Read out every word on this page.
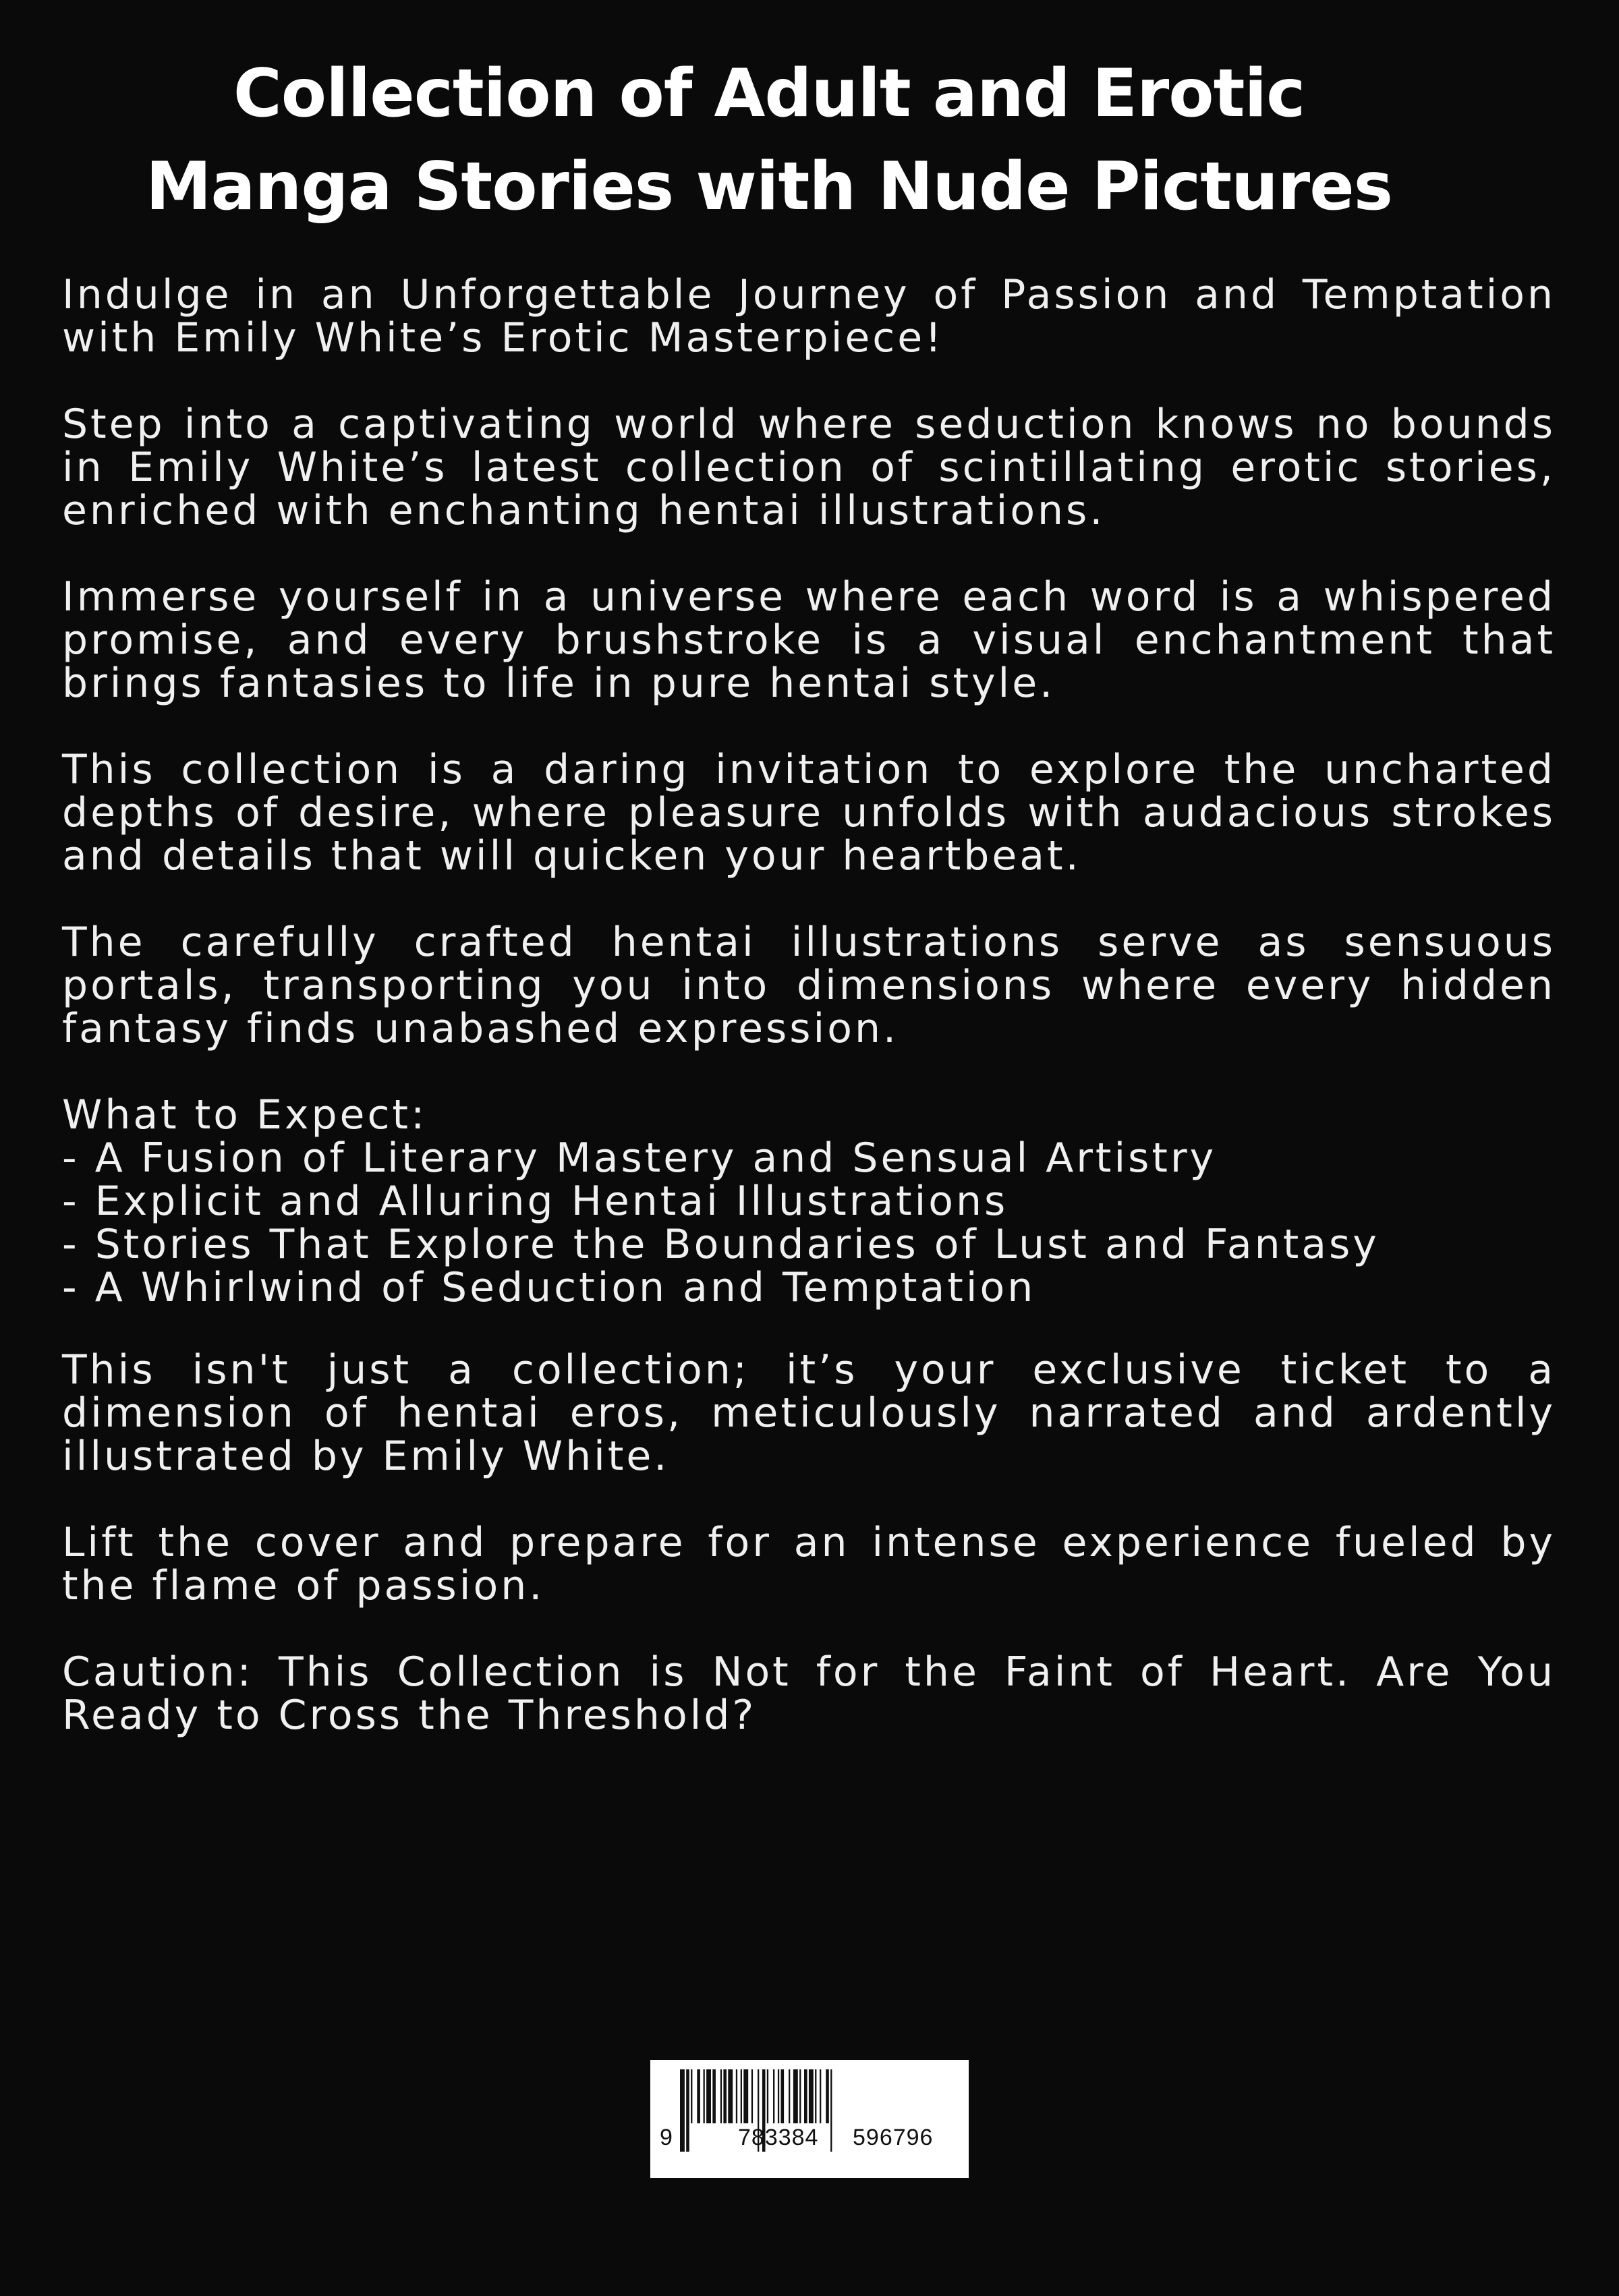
Collection of Adult and Erotic
Manga Stories with Nude Pictures

Indulge in an Unforgettable Journey of Passion and Temptation with Emily White’s Erotic Masterpiece!

Step into a captivating world where seduction knows no bounds in Emily White’s latest collection of scintillating erotic stories, enriched with enchanting hentai illustrations.

Immerse yourself in a universe where each word is a whispered promise, and every brushstroke is a visual enchantment that brings fantasies to life in pure hentai style.

This collection is a daring invitation to explore the uncharted depths of desire, where pleasure unfolds with audacious strokes and details that will quicken your heartbeat.

The carefully crafted hentai illustrations serve as sensuous portals, transporting you into dimensions where every hidden fantasy finds unabashed expression.

What to Expect:
- A Fusion of Literary Mastery and Sensual Artistry
- Explicit and Alluring Hentai Illustrations
- Stories That Explore the Boundaries of Lust and Fantasy
- A Whirlwind of Seduction and Temptation

This isn't just a collection; it’s your exclusive ticket to a dimension of hentai eros, meticulously narrated and ardently illustrated by Emily White.

Lift the cover and prepare for an intense experience fueled by the flame of passion.

Caution: This Collection is Not for the Faint of Heart. Are You Ready to Cross the Threshold?

9	783384 596796
